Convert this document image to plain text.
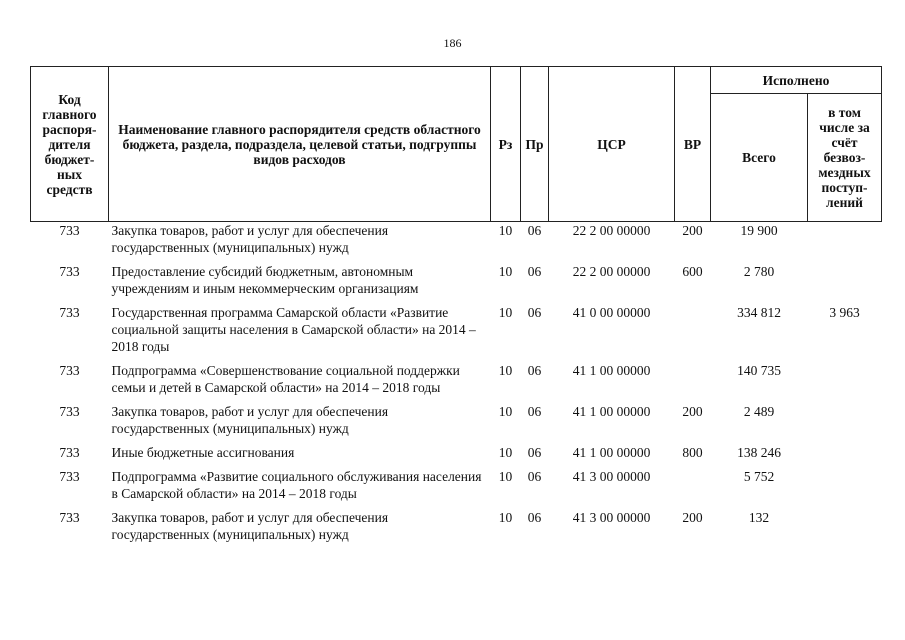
186
Код главного распоря- дителя бюджет- ных средств	Наименование главного распорядителя средств областного бюджета, раздела, подраздела, целевой статьи, подгруппы видов расходов	Рз	Пр	ЦСР	ВР	Исполнено	
						Всего	в том числе за счёт безвоз- мездных поступ- лений
733	Закупка товаров, работ и услуг для обеспечения государственных (муниципальных) нужд	10	06	22 2 00 00000	200	19 900	
733	Предоставление субсидий бюджетным, автономным учреждениям и иным некоммерческим организациям	10	06	22 2 00 00000	600	2 780	
733	Государственная программа Самарской области «Развитие социальной защиты населения в Самарской области» на 2014 – 2018 годы	10	06	41 0 00 00000		334 812	3 963
733	Подпрограмма «Совершенствование социальной поддержки семьи и детей в Самарской области» на 2014 – 2018 годы	10	06	41 1 00 00000		140 735	
733	Закупка товаров, работ и услуг для обеспечения государственных (муниципальных) нужд	10	06	41 1 00 00000	200	2 489	
733	Иные бюджетные ассигнования	10	06	41 1 00 00000	800	138 246	
733	Подпрограмма «Развитие социального обслуживания населения в Самарской области» на 2014 – 2018 годы	10	06	41 3 00 00000		5 752	
733	Закупка товаров, работ и услуг для обеспечения государственных (муниципальных) нужд	10	06	41 3 00 00000	200	132	
